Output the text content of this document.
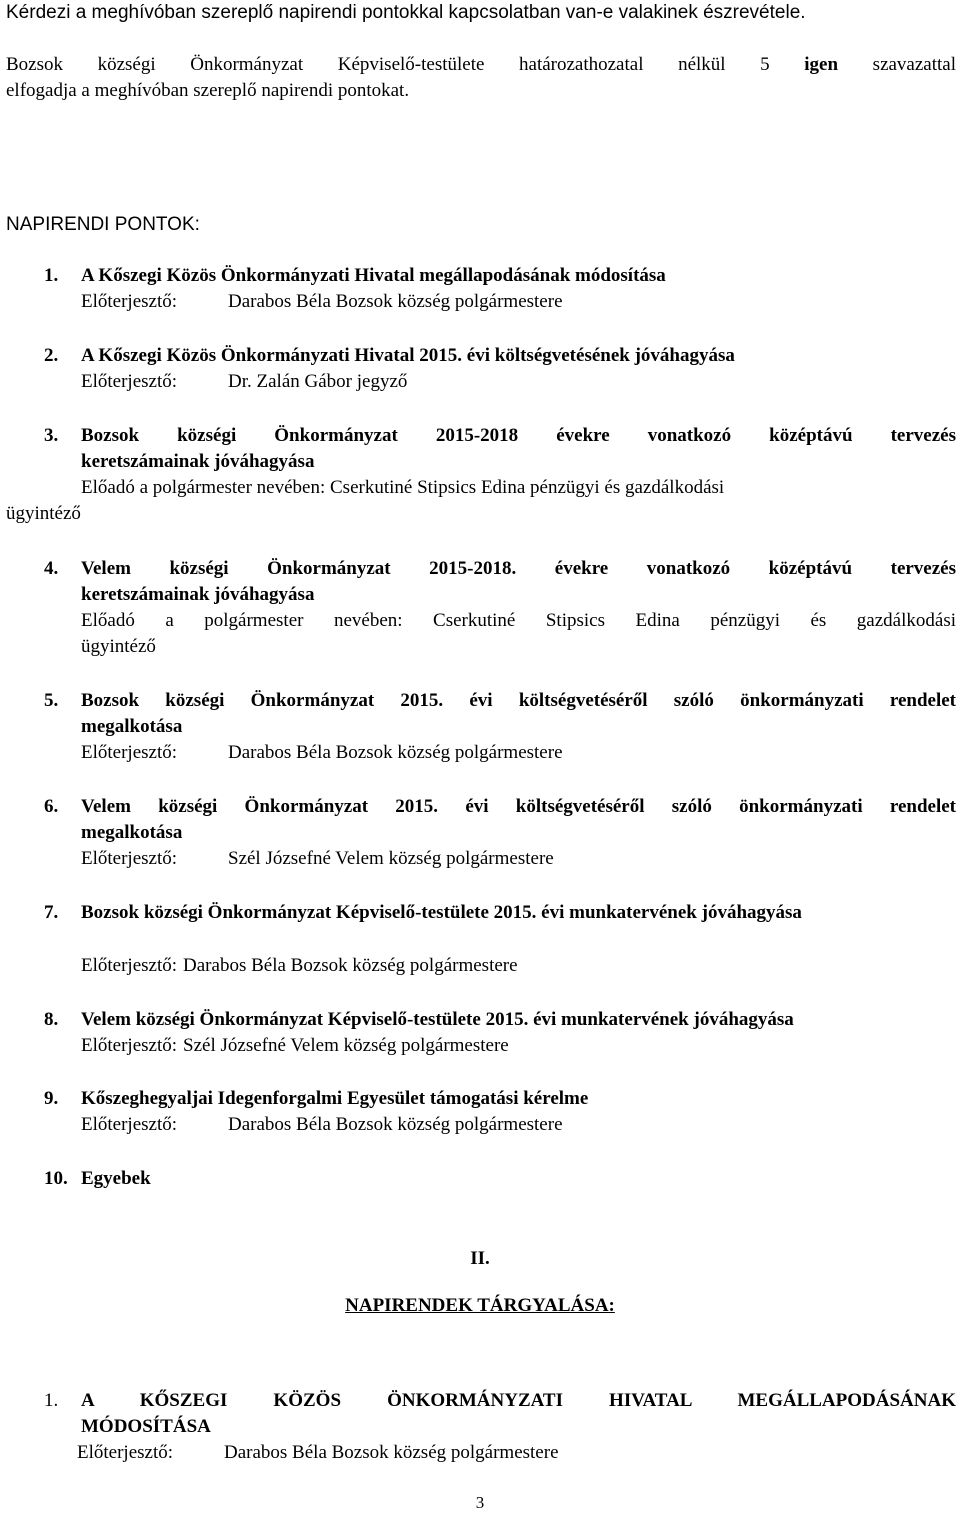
Kérdezi a meghívóban szereplő napirendi pontokkal kapcsolatban van-e valakinek észrevétele.

Bozsok községi Önkormányzat Képviselő-testülete határozathozatal nélkül 5 igen szavazattal

elfogadja a meghívóban szereplő napirendi pontokat.

NAPIRENDI PONTOK:

1.	A Kőszegi Közös Önkormányzati Hivatal megállapodásának módosítása
Előterjesztő:	Darabos Béla Bozsok község polgármestere
2.	A Kőszegi Közös Önkormányzati Hivatal 2015. évi költségvetésének jóváhagyása
Előterjesztő:	Dr. Zalán Gábor jegyző
3.	Bozsok községi Önkormányzat 2015-2018 évekre vonatkozó középtávú tervezés
keretszámainak jóváhagyása
Előadó a polgármester nevében: Cserkutiné Stipsics Edina pénzügyi és gazdálkodási

ügyintéző

4.	Velem községi Önkormányzat 2015-2018. évekre vonatkozó középtávú tervezés
keretszámainak jóváhagyása
Előadó a polgármester nevében: Cserkutiné Stipsics Edina pénzügyi és gazdálkodási
ügyintéző
5.	Bozsok községi Önkormányzat 2015. évi költségvetéséről szóló önkormányzati rendelet
megalkotása
Előterjesztő:	Darabos Béla Bozsok község polgármestere
6.	Velem községi Önkormányzat 2015. évi költségvetéséről szóló önkormányzati rendelet
megalkotása
Előterjesztő:	Szél Józsefné Velem község polgármestere
7.	Bozsok községi Önkormányzat Képviselő-testülete 2015. évi munkatervének jóváhagyása
Előterjesztő: Darabos Béla Bozsok község polgármestere
8.	Velem községi Önkormányzat Képviselő-testülete 2015. évi munkatervének jóváhagyása
Előterjesztő: Szél Józsefné Velem község polgármestere
9.	Kőszeghegyaljai Idegenforgalmi Egyesület támogatási kérelme
Előterjesztő:	Darabos Béla Bozsok község polgármestere
10. Egyebek
II.
NAPIRENDEK TÁRGYALÁSA:
1.	A KŐSZEGI KÖZÖS ÖNKORMÁNYZATI HIVATAL MEGÁLLAPODÁSÁNAK
MÓDOSÍTÁSA
Előterjesztő:	Darabos Béla Bozsok község polgármestere
3
